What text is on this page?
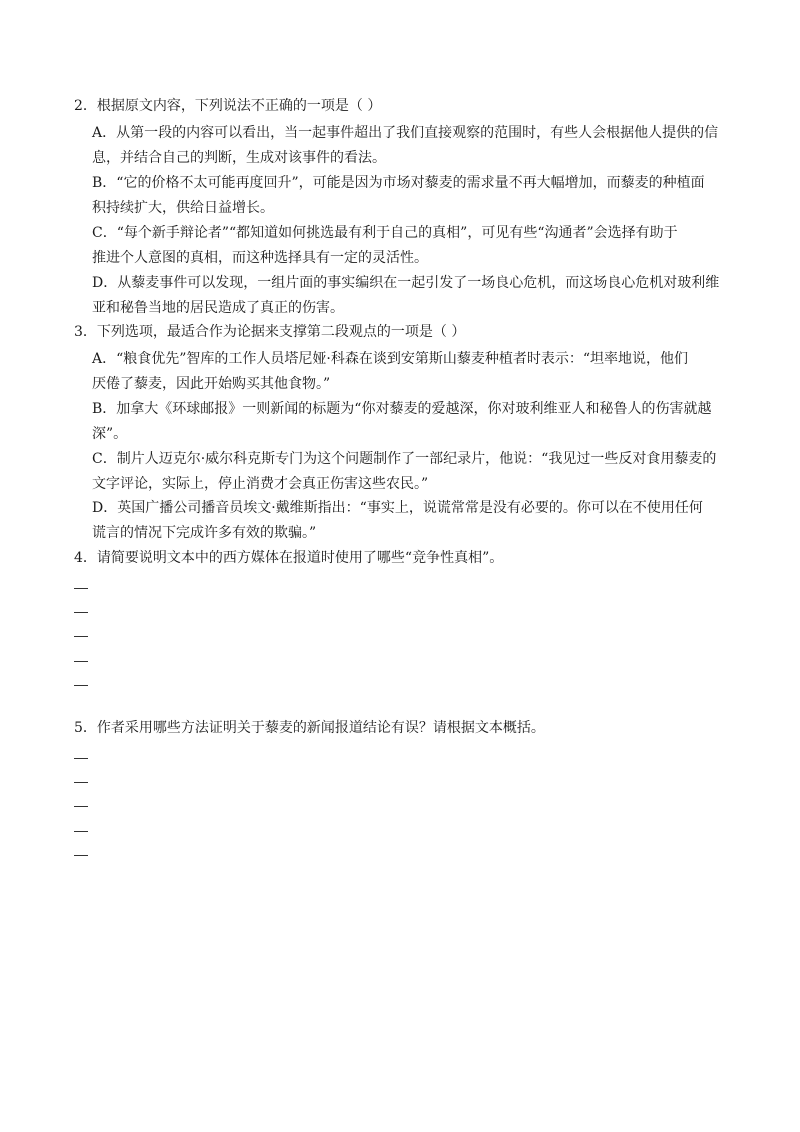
2．根据原文内容，下列说法不正确的一项是（ ）
A．从第一段的内容可以看出，当一起事件超出了我们直接观察的范围时，有些人会根据他人提供的信
息，并结合自己的判断，生成对该事件的看法。
B．“它的价格不太可能再度回升”，可能是因为市场对藜麦的需求量不再大幅增加，而藜麦的种植面
积持续扩大，供给日益增长。
C．“每个新手辩论者”“都知道如何挑选最有利于自己的真相”，可见有些“沟通者”会选择有助于
推进个人意图的真相，而这种选择具有一定的灵活性。
D．从藜麦事件可以发现，一组片面的事实编织在一起引发了一场良心危机，而这场良心危机对玻利维
亚和秘鲁当地的居民造成了真正的伤害。
3．下列选项，最适合作为论据来支撑第二段观点的一项是（ ）
A．“粮食优先”智库的工作人员塔尼娅·科森在谈到安第斯山藜麦种植者时表示：“坦率地说，他们
厌倦了藜麦，因此开始购买其他食物。”
B．加拿大《环球邮报》一则新闻的标题为“你对藜麦的爱越深，你对玻利维亚人和秘鲁人的伤害就越
深”。
C．制片人迈克尔·威尔科克斯专门为这个问题制作了一部纪录片，他说：“我见过一些反对食用藜麦的
文字评论，实际上，停止消费才会真正伤害这些农民。”
D．英国广播公司播音员埃文·戴维斯指出：“事实上，说谎常常是没有必要的。你可以在不使用任何
谎言的情况下完成许多有效的欺骗。”
4．请简要说明文本中的西方媒体在报道时使用了哪些“竞争性真相”。
5．作者采用哪些方法证明关于藜麦的新闻报道结论有误？请根据文本概括。
